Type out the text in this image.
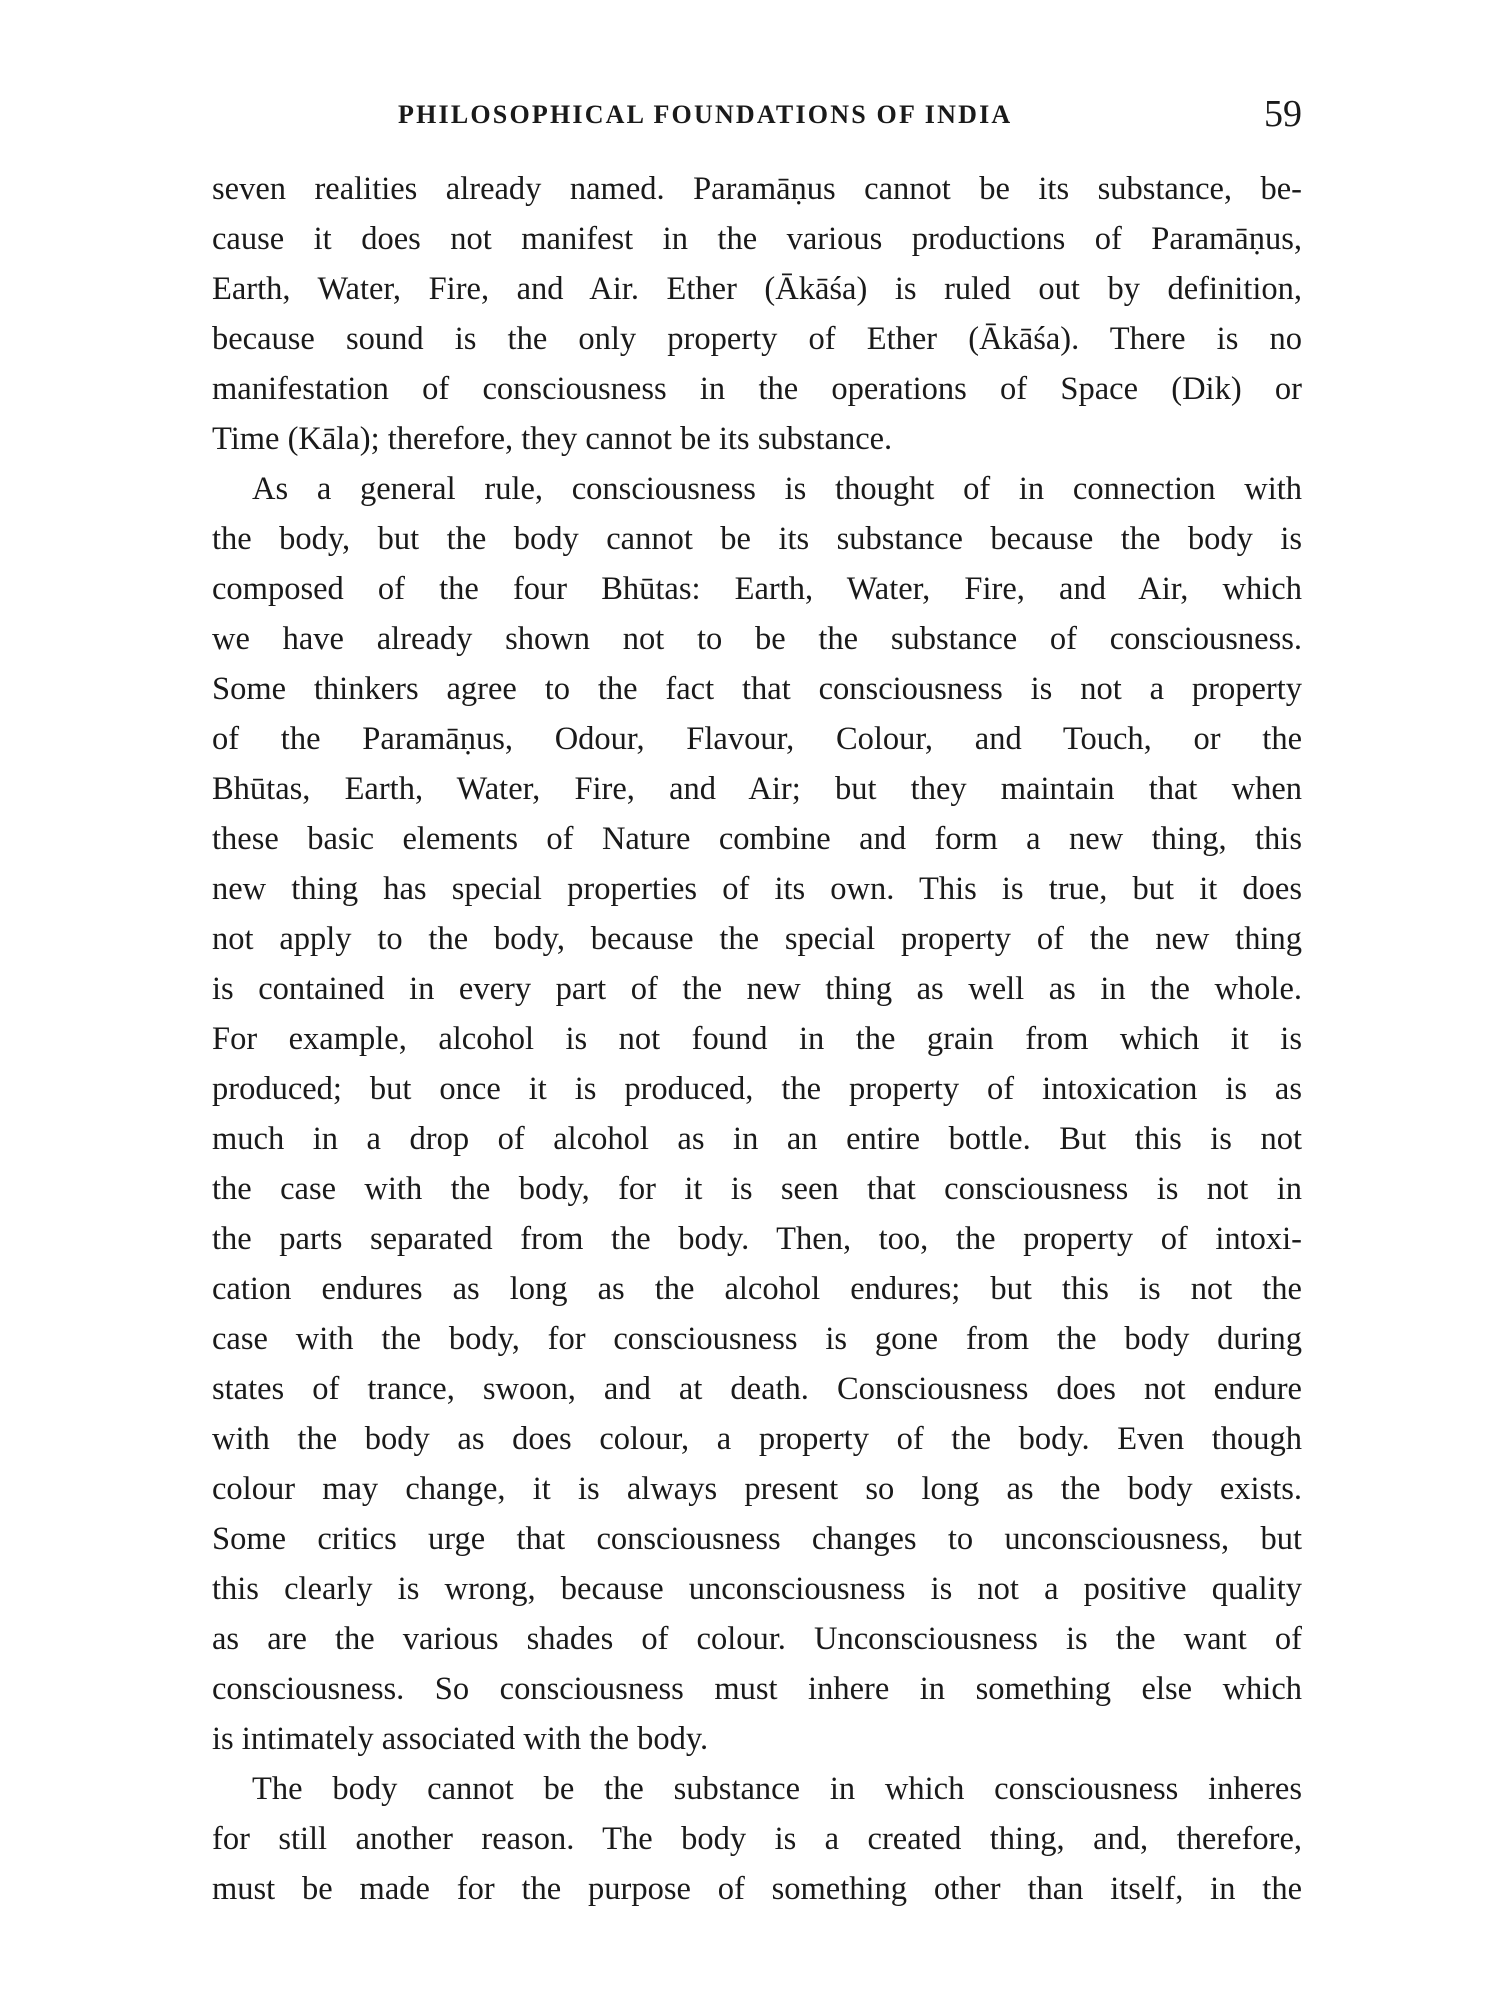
PHILOSOPHICAL FOUNDATIONS OF INDIA	59
seven realities already named. Paramāṇus cannot be its substance, be-
cause it does not manifest in the various productions of Paramāṇus,
Earth, Water, Fire, and Air. Ether (Ākāśa) is ruled out by definition,
because sound is the only property of Ether (Ākāśa). There is no
manifestation of consciousness in the operations of Space (Dik) or
Time (Kāla); therefore, they cannot be its substance.
As a general rule, consciousness is thought of in connection with
the body, but the body cannot be its substance because the body is
composed of the four Bhūtas: Earth, Water, Fire, and Air, which
we have already shown not to be the substance of consciousness.
Some thinkers agree to the fact that consciousness is not a property
of the Paramāṇus, Odour, Flavour, Colour, and Touch, or the
Bhūtas, Earth, Water, Fire, and Air; but they maintain that when
these basic elements of Nature combine and form a new thing, this
new thing has special properties of its own. This is true, but it does
not apply to the body, because the special property of the new thing
is contained in every part of the new thing as well as in the whole.
For example, alcohol is not found in the grain from which it is
produced; but once it is produced, the property of intoxication is as
much in a drop of alcohol as in an entire bottle. But this is not
the case with the body, for it is seen that consciousness is not in
the parts separated from the body. Then, too, the property of intoxi-
cation endures as long as the alcohol endures; but this is not the
case with the body, for consciousness is gone from the body during
states of trance, swoon, and at death. Consciousness does not endure
with the body as does colour, a property of the body. Even though
colour may change, it is always present so long as the body exists.
Some critics urge that consciousness changes to unconsciousness, but
this clearly is wrong, because unconsciousness is not a positive quality
as are the various shades of colour. Unconsciousness is the want of
consciousness. So consciousness must inhere in something else which
is intimately associated with the body.
The body cannot be the substance in which consciousness inheres
for still another reason. The body is a created thing, and, therefore,
must be made for the purpose of something other than itself, in the
